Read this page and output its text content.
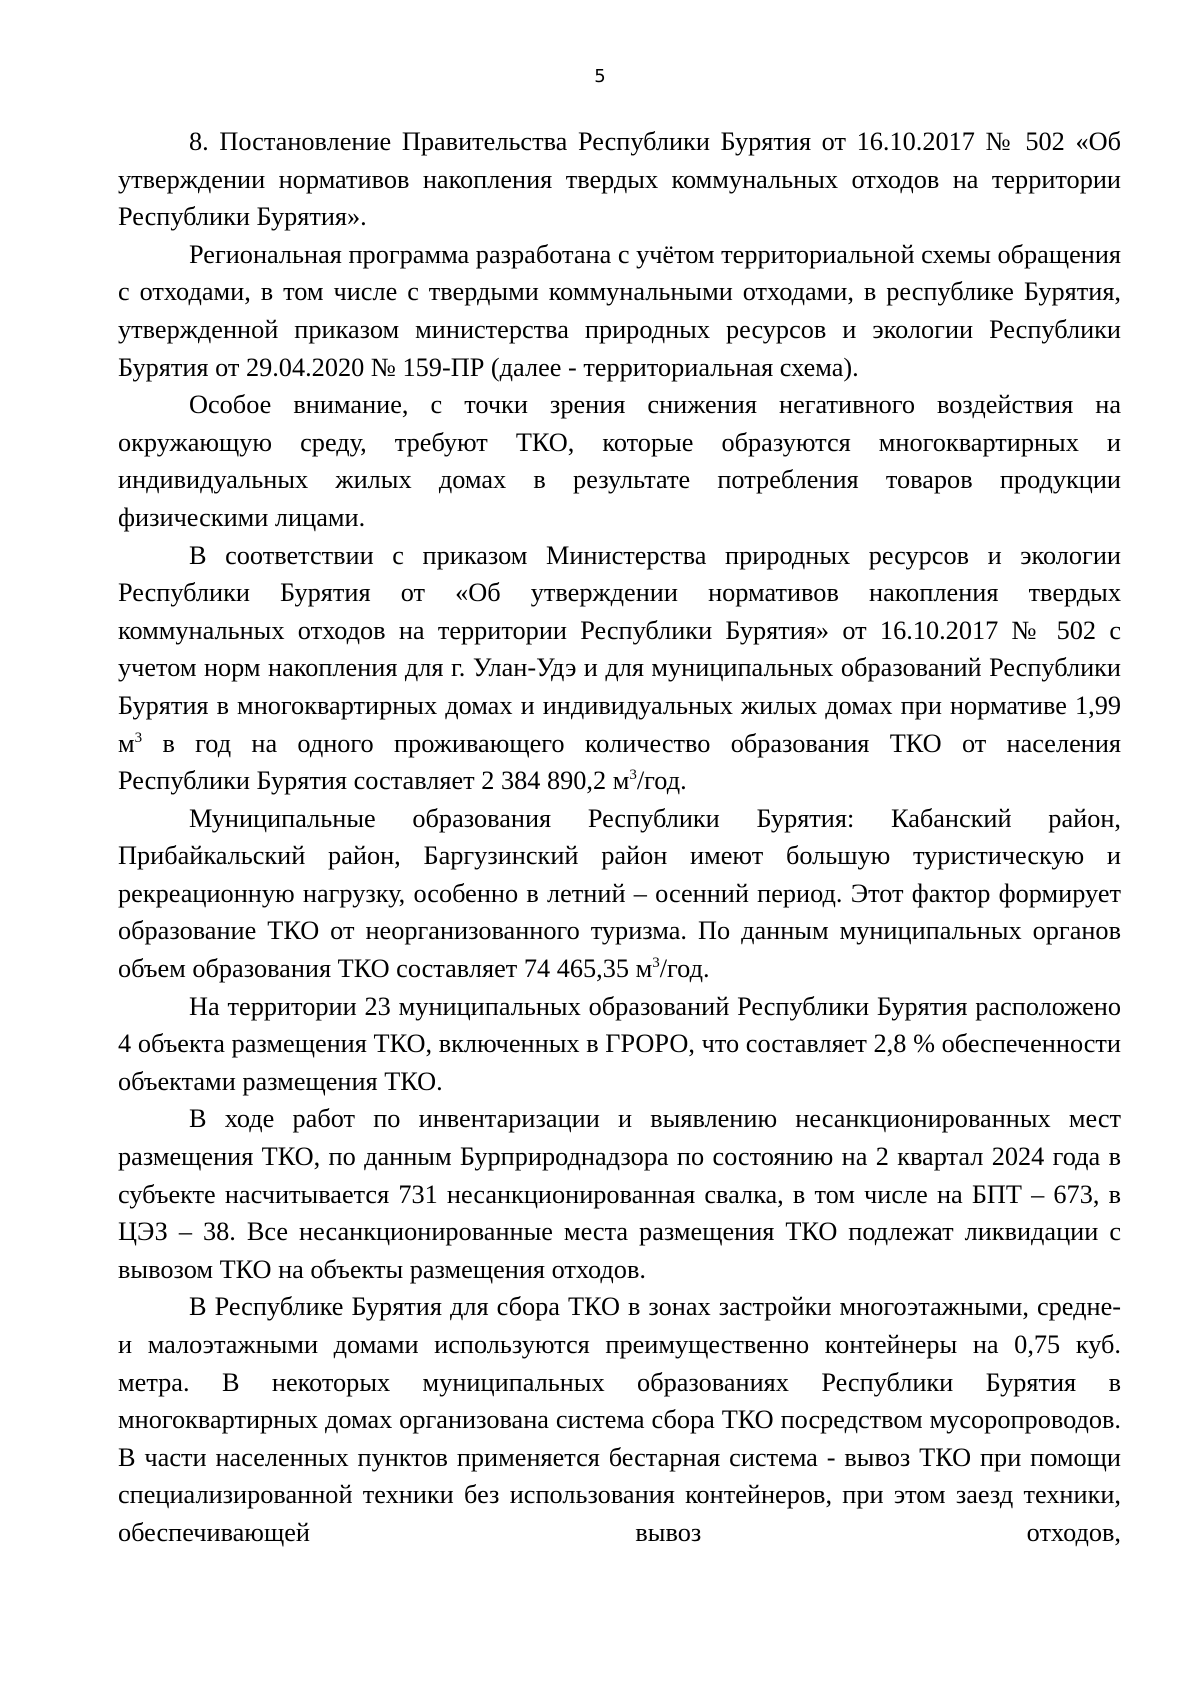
5

8. Постановление Правительства Республики Бурятия от 16.10.2017 № 502 «Об утверждении нормативов накопления твердых коммунальных отходов на территории Республики Бурятия».

Региональная программа разработана с учётом территориальной схемы обращения с отходами, в том числе с твердыми коммунальными отходами, в республике Бурятия, утвержденной приказом министерства природных ресурсов и экологии Республики Бурятия от 29.04.2020 № 159-ПР (далее - территориальная схема).

Особое внимание, с точки зрения снижения негативного воздействия на окружающую среду, требуют ТКО, которые образуются многоквартирных и индивидуальных жилых домах в результате потребления товаров продукции физическими лицами.

В соответствии с приказом Министерства природных ресурсов и экологии Республики Бурятия от «Об утверждении нормативов накопления твердых коммунальных отходов на территории Республики Бурятия» от 16.10.2017 № 502 с учетом норм накопления для г. Улан-Удэ и для муниципальных образований Республики Бурятия в многоквартирных домах и индивидуальных жилых домах при нормативе 1,99 $м^3$ в год на одного проживающего количество образования ТКО от населения Республики Бурятия составляет 2 384 890,2 $м^3$/год.

Муниципальные образования Республики Бурятия: Кабанский район, Прибайкальский район, Баргузинский район имеют большую туристическую и рекреационную нагрузку, особенно в летний – осенний период. Этот фактор формирует образование ТКО от неорганизованного туризма. По данным муниципальных органов объем образования ТКО составляет 74 465,35 $м^3$/год.

На территории 23 муниципальных образований Республики Бурятия расположено 4 объекта размещения ТКО, включенных в ГРОРО, что составляет 2,8 % обеспеченности объектами размещения ТКО.

В ходе работ по инвентаризации и выявлению несанкционированных мест размещения ТКО, по данным Бурприроднадзора по состоянию на 2 квартал 2024 года в субъекте насчитывается 731 несанкционированная свалка, в том числе на БПТ – 673, в ЦЭЗ – 38. Все несанкционированные места размещения ТКО подлежат ликвидации с вывозом ТКО на объекты размещения отходов.

В Республике Бурятия для сбора ТКО в зонах застройки многоэтажными, средне- и малоэтажными домами используются преимущественно контейнеры на 0,75 куб. метра. В некоторых муниципальных образованиях Республики Бурятия в многоквартирных домах организована система сбора ТКО посредством мусоропроводов. В части населенных пунктов применяется бестарная система - вывоз ТКО при помощи специализированной техники без использования контейнеров, при этом заезд техники, обеспечивающей вывоз отходов,
